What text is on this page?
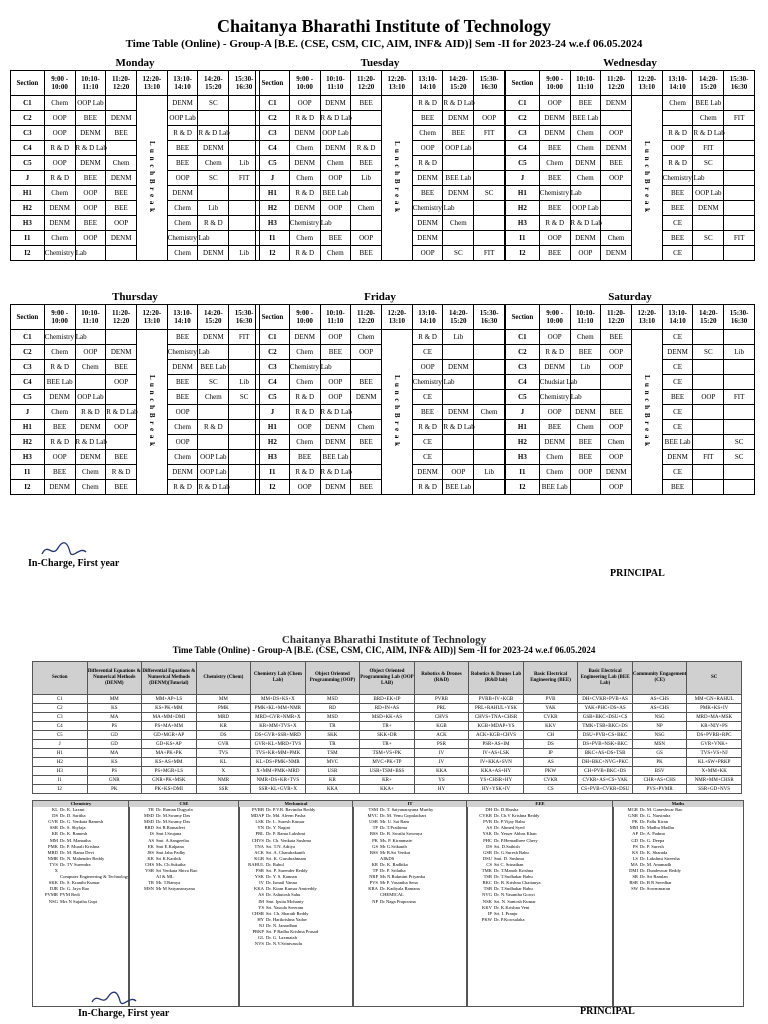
Chaitanya Bharathi Institute of Technology
Time Table (Online) - Group-A [B.E. (CSE, CSM, CIC, AIM, INF& AID)] Sem -II for 2023-24 w.e.f 06.05.2024
Monday
Section	9:00 - 10:00	10:10- 11:10	11:20- 12:20	12:20- 13:10	13:10- 14:10	14:20- 15:20	15:30- 16:30
C1	Chem	OOP Lab		L u n c h B r e a k	DENM	SC	
C2	OOP	BEE	DENM		OOP Lab		
C3	OOP	DENM	BEE		R & D	R & D Lab	
C4	R & D	R & D Lab			BEE	DENM	
C5	OOP	DENM	Chem		BEE	Chem	Lib
J	R & D	BEE	DENM		OOP	SC	FIT
H1	Chem	OOP	BEE		DENM		
H2	DENM	OOP	BEE		Chem	Lib	
H3	DENM	BEE	OOP		Chem	R & D	
I1	Chem	OOP	DENM		Chemistry Lab		
I2	Chemistry Lab				Chem	DENM	Lib
Tuesday
Section	9:00 - 10:00	10:10- 11:10	11:20- 12:20	12:20- 13:10	13:10- 14:10	14:20- 15:20	15:30- 16:30
C1	OOP	DENM	BEE	L u n c h B r e a k	R & D	R & D Lab	
C2	R & D	R & D Lab			BEE	DENM	OOP
C3	DENM	OOP Lab			Chem	BEE	FIT
C4	Chem	DENM	R & D		OOP	OOP Lab	
C5	DENM	Chem	BEE		R & D		
J	Chem	OOP	Lib		DENM	BEE Lab	
H1	R & D	BEE Lab			BEE	DENM	SC
H2	DENM	OOP	Chem		Chemistry Lab		
H3	Chemistry Lab				DENM	Chem	
I1	Chem	BEE	OOP		DENM		
I2	R & D	Chem	BEE		OOP	SC	FIT
Wednesday
Section	9:00 - 10:00	10:10- 11:10	11:20- 12:20	12:20- 13:10	13:10- 14:10	14:20- 15:20	15:30- 16:30
C1	OOP	BEE	DENM	L u n c h B r e a k	Chem	BEE Lab	
C2	DENM	BEE Lab				Chem	FIT
C3	DENM	Chem	OOP		R & D	R & D Lab	
C4	BEE	Chem	DENM		OOP	FIT	
C5	Chem	DENM	BEE		R & D	SC	
J	BEE	Chem	OOP		Chemistry Lab		
H1	Chemistry Lab				BEE	OOP Lab	
H2	BEE	OOP Lab			BEE	DENM	
H3	R & D	R & D Lab			CE		
I1	OOP	DENM	Chem		BEE	SC	FIT
I2	BEE	OOP	DENM		CE		
Thursday
Section	9:00 - 10:00	10:10- 11:10	11:20- 12:20	12:20- 13:10	13:10- 14:10	14:20- 15:20	15:30- 16:30
C1	Chemistry Lab			L u n c h B r e a k	BEE	DENM	FIT
C2	Chem	OOP	DENM		Chemistry Lab		
C3	R & D	Chem	BEE		DENM	BEE Lab	
C4	BEE Lab		OOP		BEE	SC	Lib
C5	DENM	OOP Lab			BEE	Chem	SC
J	Chem	R & D	R & D Lab		OOP		
H1	BEE	DENM	OOP		Chem	R & D	
H2	R & D	R & D Lab			OOP		
H3	OOP	DENM	BEE		Chem	OOP Lab	
I1	BEE	Chem	R & D		DENM	OOP Lab	
I2	DENM	Chem	BEE		R & D	R & D Lab	
Friday
Section	9:00 - 10:00	10:10- 11:10	11:20- 12:20	12:20- 13:10	13:10- 14:10	14:20- 15:20	15:30- 16:30
C1	DENM	OOP	Chem	L u n c h B r e a k	R & D	Lib	
C2	Chem	BEE	OOP		CE		
C3	Chemistry Lab				OOP	DENM	
C4	Chem	OOP	BEE		Chemistry Lab		
C5	R & D	OOP	DENM		CE		
J	R & D	R & D Lab			BEE	DENM	Chem
H1	OOP	DENM	Chem		R & D	R & D Lab	
H2	Chem	DENM	BEE		CE		
H3	BEE	BEE Lab			CE		
I1	R & D	R & D Lab			DENM	OOP	Lib
I2	OOP	DENM	BEE		R & D	BEE Lab	
Saturday
Section	9:00 - 10:00	10:10- 11:10	11:20- 12:20	12:20- 13:10	13:10- 14:10	14:20- 15:20	15:30- 16:30
C1	OOP	Chem	BEE	L u n c h B r e a k	CE		
C2	R & D	BEE	OOP		DENM	SC	Lib
C3	DENM	Lib	OOP		CE		
C4	Chudsiat Lab				CE		
C5	Chemistry Lab				BEE	OOP	FIT
J	OOP	DENM	BEE		CE		
H1	BEE	Chem	OOP		CE		
H2	DENM	BEE	Chem		BEE Lab		SC
H3	Chem	BEE	OOP		DENM	FIT	SC
I1	Chem	OOP	DENM		CE		
I2	BEE Lab		OOP		BEE		
In-Charge, First year
PRINCIPAL
Chaitanya Bharathi Institute of Technology
Time Table (Online) - Group-A [B.E. (CSE, CSM, CIC, AIM, INF& AID)] Sem -II for 2023-24 w.e.f 06.05.2024
Section	Differential Equations & Numerical Methods (DENM)	Differential Equations & Numerical Methods (DENM)(Tutorial)	Chemistry (Chem)	Chemistry Lab (Chem Lab)	Object Oriented Programming (OOP)	Object Oriented Programming Lab (OOP LAB)	Robotics & Drones (R&D)	Robotics & Drones Lab (R&D lab)	Basic Electrical Engineering (BEE)	Basic Electrical Engineering Lab (BEE Lab)	Community Engagement (CE)	SC
C1	MM	MM+AP+LS	MM	MM+DS+KS+X	MSD	BRD+EK+IP	PVRB	PVRB+IV+KGB	PVB	DH+CVKR+PVB+AS	AS+CHS	MM+GN+RAHUL
C2	KS	KS+PK+MM	PMK	PMK+KL+MM+NMR	RD	RD+IN+AS	PRL	PRL+RAHUL+YSK	YAK	YAK+PHC+DS+AS	AS+CHS	PMK+KS+IV
C3	MA	MA+MM+DMI	MRD	MRD+GVR+NMR+X	MSD	MSD+KK+AS	CHVS	CHVS+TNA+CHSR	CVKR	GSB+BKC+DSU+CS	NSG	MRD+MA+MSK
C4	PS	PS+MA+MM	KR	KR+MM+TVS+X	TR	TR+	KGB	KGB+MDAP+YS	KKV	TMK+TSB+BKC+DS	NP	KR+NIY+PS
C5	GD	GD+MGR+AP	DS	DS+GVR+SSR+MRD	SKK	SKK+DR	ACK	ACK+KGB+CHVS	CH	DSU+PVB+CS+BKC	NSG	DS+PVRB+RPC
J	GD	GD+KS+AP	GVR	GVR+KL+MRD+TVS	TR	TR+	PSR	PSR+AS+IM	DS	DS+PVB+NSK+BKC	MSN	GVR+VNK+
H1	MA	MA+PK+PK	TVS	TVS+KR+MM+PMK	TSM	TSM+VS+PK	IV	IV+AS+LSK	IP	BKC+AS+DS+TSB	GS	TVS+VS+NJ
H2	KS	KS+AS+MM	KL	KL+DS+PMK+NMR	MVC	MVC+PK+TP	IV	IV+KKA+SVN	AS	DH+BKC+NVG+PKC	PK	KL+SW+PRKP
H3	PS	PS+MGR+LS	X	X+MM+PMK+MRD	USR	USR+TSM+BSS	KKA	KKA+AS+HY	PKW	CH+PVB+BKC+DS	BSV	X+MM+KK
I1	GNR	GNR+PK+MSK	NMR	NMR+DS+KR+TVS	KR	KR+	YS	YS+CHSR+HY	CVKR	CVKR+AS+CS+YAK	CHR+AS+CHS	NMR+MM+CHSR
I2	PK	PK+KS+DMI	SSR	SSR+KL+GVR+X	KKA	KKA+	HY	HY+YSK+IV	CS	CS+PVB+CVKR+DSU	PVS+PVMR	SSR+GD+NVS
Chemistry
KL Dr. K. Laxmi
DS Dr. D. Saritha
GVR Dr. G. Venkata Ramesh
SSR Dr. S. Shylaja
KR Dr. K. Ramesh
MM Dr. M. Mamatha
PMK Dr. P. Murali Krishna
MRD Dr. M. Rama Devi
NMR Dr. N. Mahender Reddy
TVS Dr. TV Surendra
X
Computer Engineering & Technology
SKK Dr. S. Kranthi Kumar
DJR Dr. G. Jaya Rao
PVMR PVM Redi
NSG Mrs N Sujatha Gupt
CSE
TR Dr. Raman Dugyala
MSD Dr. M.Swamy Das
MSD Dr. M.Swamy Das
BRD Sri B.Ramadevi
IS Smt I.Srujana
AS Smt. A.Sangeetha
EK Smt E.Kalpana
JSS Smt Jaba Padhy
KK Sri K.Karthik
CHS Ms. Ch.Sukatha
VSR Sri Venkata Shiva Rao
AI & ML
TR Mr. T.Ramya
MSN Mr M Satyanarayana
Mechanical
PVRB Dr. P.V.R. Ravindra Reddy
MDAP Dr. Md. Aleem Pasha
LSK Dr. L. Suresh Kumar
YN Dr. Y. Nagini
PRL Dr. P. Rama Lakshmi
CHVS Dr. Ch. Venkata Sushma
TNA Sri. T.N. Aditya
ACK Sri. A. Chandrakanth
KGB Sri. K. Gurubrahmam
RAHUL Dr. Rahul
PSR Sri. P. Surender Reddy
YSK Dr. Y. S. Kannan
IV Dr. Ismail Vanna
KKA Dr. Kiran Kumar Amireddy
AS Dr. Ashutosh Sahu
IM Smt. Ipsita Mohanty
YS Sri. Yasoda Sreeram
CHSR Sri. Ch. Sharath Reddy
HY Dr. Harikrishna Yadav
NJ Dr. N. Janardhan
PRKP Sri. P Radha Krishna Prasad
GL Dr. G. Laxmaiah
NVS Dr. N.V.Srinivasulu
IT
TSM Dr. T. Satyanarayana Murthy
MVC Dr. M. Venu Gopalachari
USR Mr. U. Sai Ram
TP Dr. T.Prathima
BSS Dr. B. Swathi Sowmya
PK Ms. P. Kiranmaie
GS Mr G.Srikanth
BSS Mr B.Sri Venkat
AI&DS
KR Dr. K. Radhika
TP Dr. P. Srilatha
NRP Ms N.Rukmini Priyanka
PVS Mr P. Vasantha Sena
KRA Dr. Kadiyala Ramana
CHEMICAL
NP Dr Naga Prapoorna
EEE
DH Dr. D.Harsha
CVKR Dr. Ch.V Krishna Reddy
PVB Dr. P.Vijay Babu
AS Dr. Ahmed Syed
YAK Dr. Yesser Abbas Khan
PHC Dr. P.Hemadhree Chery
DS Sri. D.Sathish
GSB Dr. G.Suresh Babu
DSU Smt. D. Sushma
CS Sri C. Srinathan
TMK Dr. T.Manoh Krishna
TSB Dr. T.Sudhakar Babu
BKC Dr. B. Krishna Chaitanya
TSB Dr. T.Sudhakar Babu
NVG Dr. N.Vasantha Gowri
NSK Sri. N. Santosh Kumar
KKV Dr. K.Krishna Veni
IP Sri. I. Pranju
PKW Dr. P.Kowsalaha
Maths
MGR Dr. M. Ganeshwar Rao
GNR Dr. G. Narsimha
PK Dr. Pallu Kiran
MM Dr. Madhu Madhu
AP Dr. A. Padma
GD Dr. G. Deepa
PS Dr. P. Suresh
KS Dr. K. Sharada
LS Dr. Lakshmi Sireesha
MA Dr. M. Anumadh
DMI Dr. Dundeswar Reddy
SR Dr. Sri Ramlan
BSR Dr. B R Sreedhar
SW Dr. Sowmmaran
In-Charge, First year	PRINCIPAL
